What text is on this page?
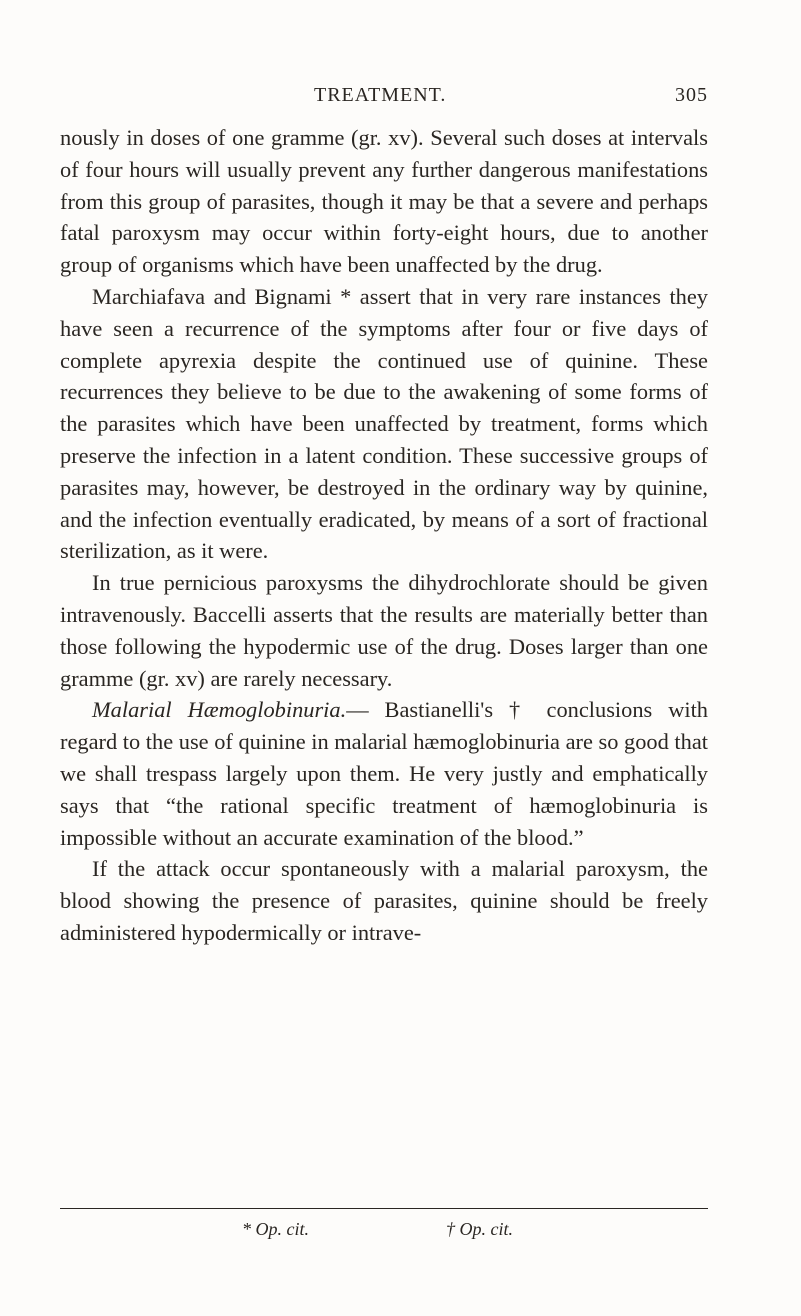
TREATMENT.	305

nously in doses of one gramme (gr. xv). Several such doses at intervals of four hours will usually prevent any further dangerous manifestations from this group of parasites, though it may be that a severe and perhaps fatal paroxysm may occur within forty-eight hours, due to another group of organisms which have been unaffected by the drug.

Marchiafava and Bignami * assert that in very rare instances they have seen a recurrence of the symptoms after four or five days of complete apyrexia despite the continued use of quinine. These recurrences they believe to be due to the awakening of some forms of the parasites which have been unaffected by treatment, forms which preserve the infection in a latent condition. These successive groups of parasites may, however, be destroyed in the ordinary way by quinine, and the infection eventually eradicated, by means of a sort of fractional sterilization, as it were.

In true pernicious paroxysms the dihydrochlorate should be given intravenously. Baccelli asserts that the results are materially better than those following the hypodermic use of the drug. Doses larger than one gramme (gr. xv) are rarely necessary.

Malarial Hæmoglobinuria.— Bastianelli's † conclusions with regard to the use of quinine in malarial hæmoglobinuria are so good that we shall trespass largely upon them. He very justly and emphatically says that “the rational specific treatment of hæmoglobinuria is impossible without an accurate examination of the blood.”

If the attack occur spontaneously with a malarial paroxysm, the blood showing the presence of parasites, quinine should be freely administered hypodermically or intrave-

* Op. cit.	† Op. cit.
